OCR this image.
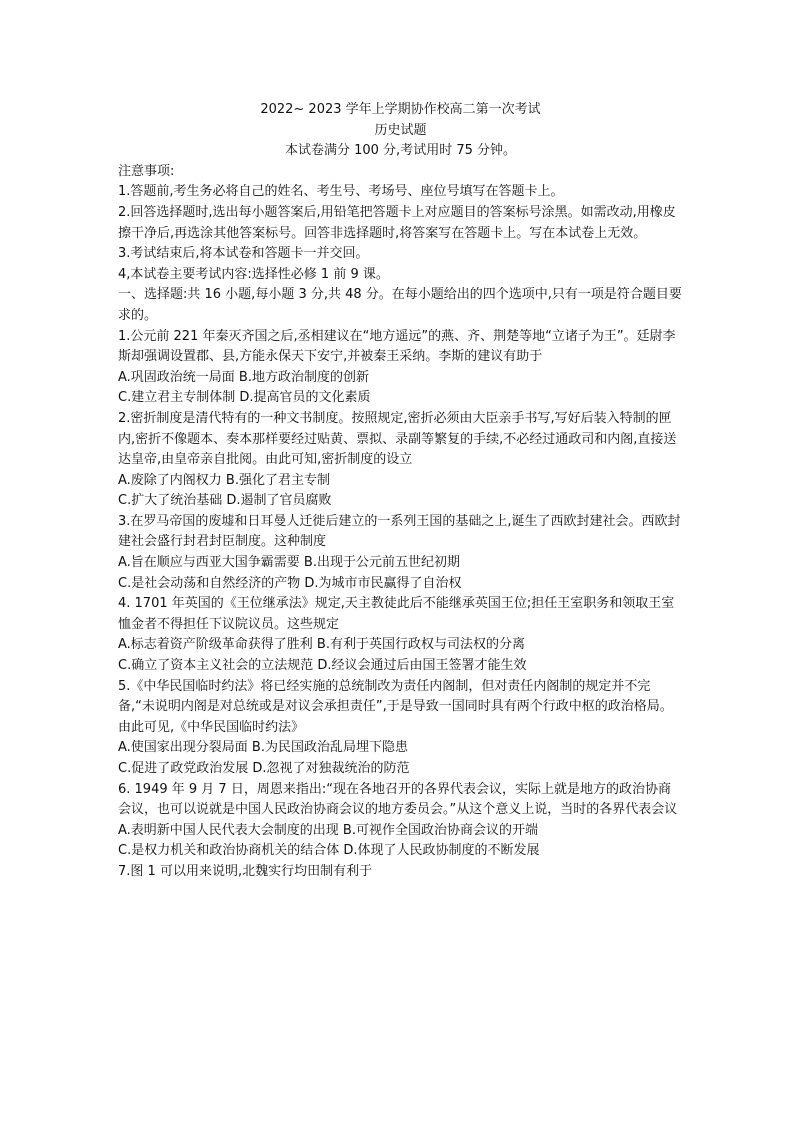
2022~ 2023 学年上学期协作校高二第一次考试
历史试题
本试卷满分 100 分,考试用时 75 分钟。
注意事项:
1.答题前,考生务必将自己的姓名、考生号、考场号、座位号填写在答题卡上。
2.回答选择题时,选出每小题答案后,用铅笔把答题卡上对应题目的答案标号涂黑。如需改动,用橡皮擦干净后,再选涂其他答案标号。回答非选择题时,将答案写在答题卡上。写在本试卷上无效。
3.考试结束后,将本试卷和答题卡一并交回。
4,本试卷主要考试内容:选择性必修 1 前 9 课。
一、选择题:共 16 小题,每小题 3 分,共 48 分。在每小题给出的四个选项中,只有一项是符合题目要求的。
1.公元前 221 年秦灭齐国之后,丞相建议在“地方遥远”的燕、齐、荆楚等地“立诸子为王”。廷尉李斯却强调设置郡、县,方能永保天下安宁,并被秦王采纳。李斯的建议有助于
A.巩固政治统一局面 B.地方政治制度的创新
C.建立君主专制体制 D.提高官员的文化素质
2.密折制度是清代特有的一种文书制度。按照规定,密折必须由大臣亲手书写,写好后装入特制的匣内,密折不像题本、奏本那样要经过贴黄、票拟、录副等繁复的手续,不必经过通政司和内阁,直接送达皇帝,由皇帝亲自批阅。由此可知,密折制度的设立
A.废除了内阁权力 B.强化了君主专制
C.扩大了统治基础 D.遏制了官员腐败
3.在罗马帝国的废墟和日耳曼人迁徙后建立的一系列王国的基础之上,诞生了西欧封建社会。西欧封建社会盛行封君封臣制度。这种制度
A.旨在顺应与西亚大国争霸需要 B.出现于公元前五世纪初期
C.是社会动荡和自然经济的产物 D.为城市市民赢得了自治权
4. 1701 年英国的《王位继承法》规定,天主教徒此后不能继承英国王位;担任王室职务和领取王室恤金者不得担任下议院议员。这些规定
A.标志着资产阶级革命获得了胜利 B.有利于英国行政权与司法权的分离
C.确立了资本主义社会的立法规范 D.经议会通过后由国王签署才能生效
5.《中华民国临时约法》将已经实施的总统制改为责任内阁制，但对责任内阁制的规定并不完备,“未说明内阁是对总统或是对议会承担责任”,于是导致一国同时具有两个行政中枢的政治格局。由此可见,《中华民国临时约法》
A.使国家出现分裂局面 B.为民国政治乱局埋下隐患
C.促进了政党政治发展 D.忽视了对独裁统治的防范
6. 1949 年 9 月 7 日，周恩来指出:“现在各地召开的各界代表会议，实际上就是地方的政治协商会议，也可以说就是中国人民政治协商会议的地方委员会。”从这个意义上说，当时的各界代表会议
A.表明新中国人民代表大会制度的出现 B.可视作全国政治协商会议的开端
C.是权力机关和政治协商机关的结合体 D.体现了人民政协制度的不断发展
7.图 1 可以用来说明,北魏实行均田制有利于
